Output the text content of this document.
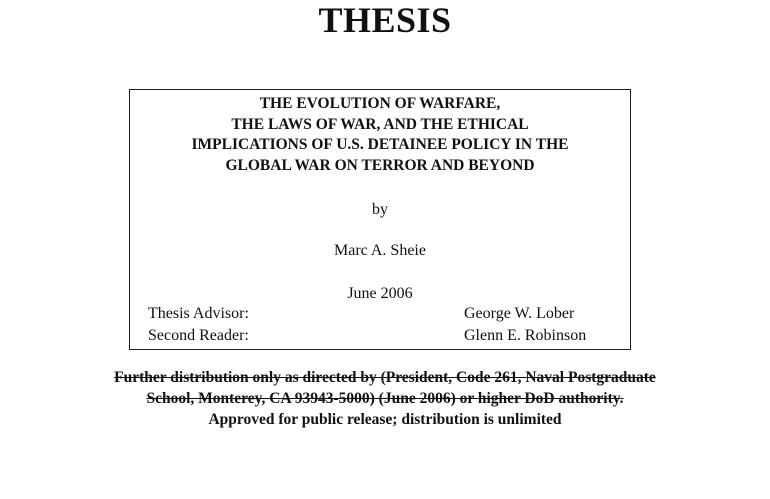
THESIS
THE EVOLUTION OF WARFARE,
THE LAWS OF WAR, AND THE ETHICAL
IMPLICATIONS OF U.S. DETAINEE POLICY IN THE
GLOBAL WAR ON TERROR AND BEYOND
by
Marc A. Sheie
June 2006
Thesis Advisor:	George W. Lober
Second Reader:	Glenn E. Robinson
Further distribution only as directed by (President, Code 261, Naval Postgraduate
School, Monterey, CA 93943-5000) (June 2006) or higher DoD authority.
Approved for public release; distribution is unlimited
